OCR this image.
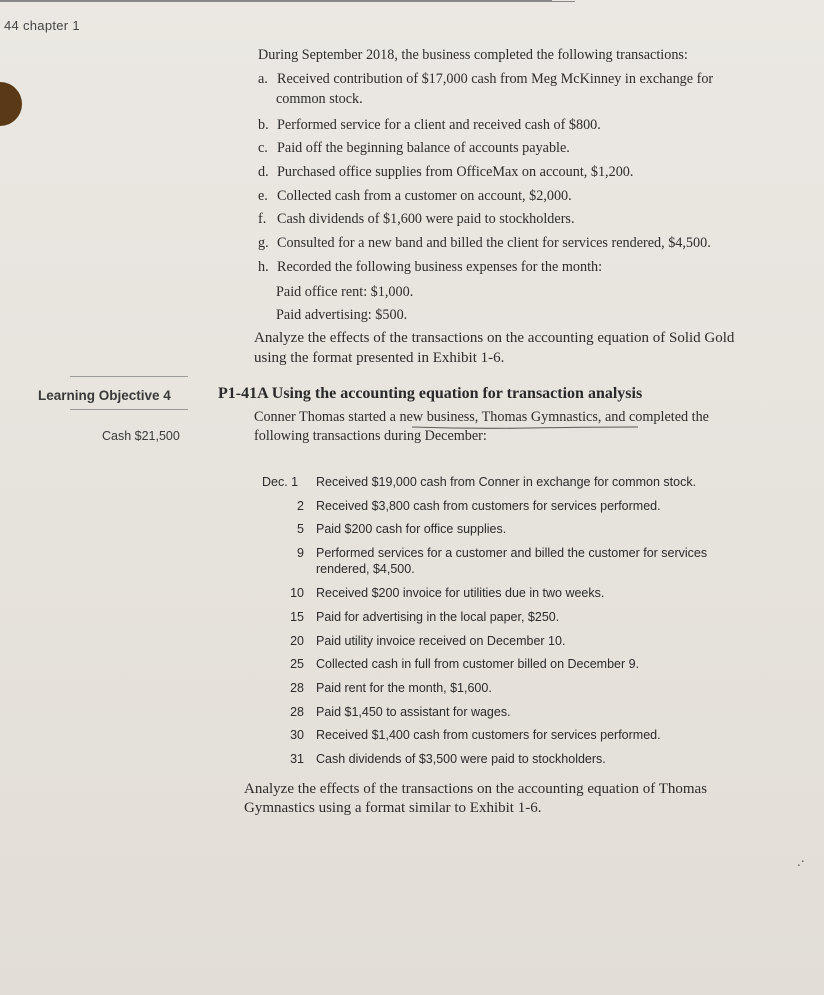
44 chapter 1
During September 2018, the business completed the following transactions:
a. Received contribution of $17,000 cash from Meg McKinney in exchange for
common stock.
b. Performed service for a client and received cash of $800.
c. Paid off the beginning balance of accounts payable.
d. Purchased office supplies from OfficeMax on account, $1,200.
e. Collected cash from a customer on account, $2,000.
f. Cash dividends of $1,600 were paid to stockholders.
g. Consulted for a new band and billed the client for services rendered, $4,500.
h. Recorded the following business expenses for the month:
Paid office rent: $1,000.
Paid advertising: $500.
Analyze the effects of the transactions on the accounting equation of Solid Gold
using the format presented in Exhibit 1-6.
Learning Objective 4
Cash $21,500
P1-41A Using the accounting equation for transaction analysis
Conner Thomas started a new business, Thomas Gymnastics, and completed the
following transactions during December:
Dec. 1	Received $19,000 cash from Conner in exchange for common stock.
2 Received $3,800 cash from customers for services performed.
5 Paid $200 cash for office supplies.
9 Performed services for a customer and billed the customer for services
rendered, $4,500.
10 Received $200 invoice for utilities due in two weeks.
15 Paid for advertising in the local paper, $250.
20 Paid utility invoice received on December 10.
25 Collected cash in full from customer billed on December 9.
28 Paid rent for the month, $1,600.
28 Paid $1,450 to assistant for wages.
30 Received $1,400 cash from customers for services performed.
31 Cash dividends of $3,500 were paid to stockholders.
Analyze the effects of the transactions on the accounting equation of Thomas
Gymnastics using a format similar to Exhibit 1-6.
.·
